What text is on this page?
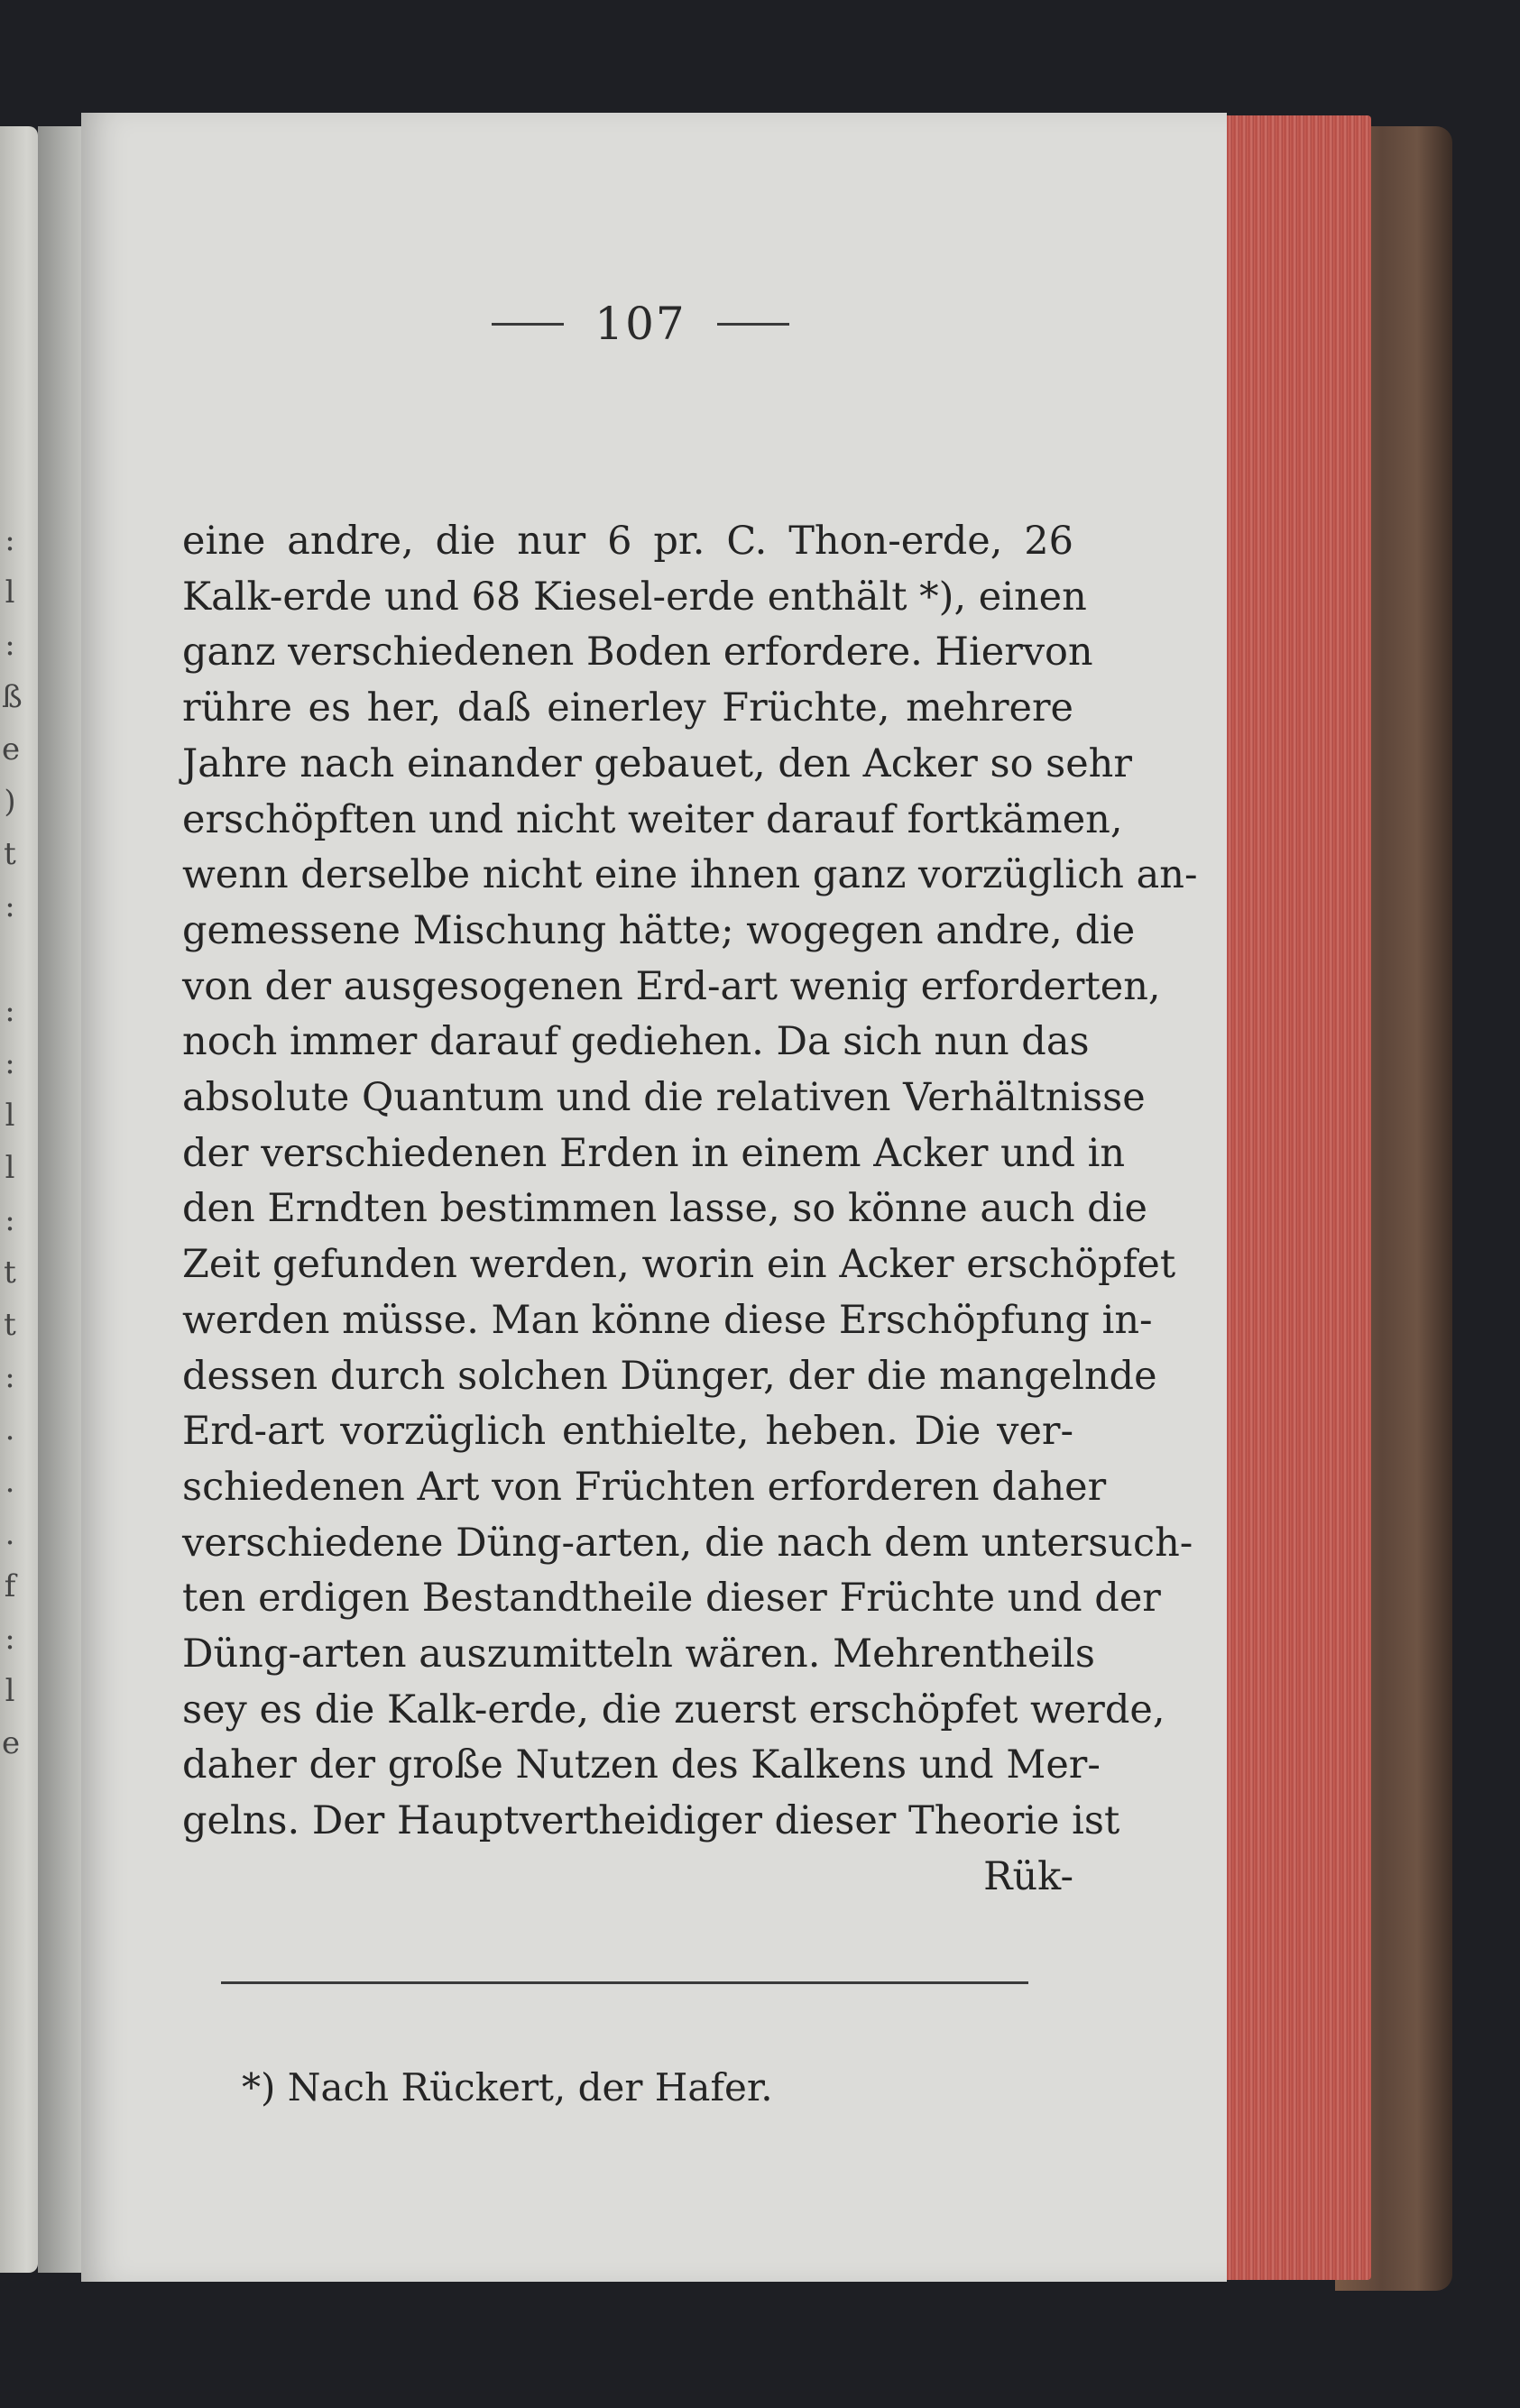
:
l
:
ß
e
)
t
:

:
:
l
l
:
t
t
:
.
.
.
f
:
l
e
107
eine andre, die nur 6 pr. C. Thon-erde, 26
Kalk-erde und 68 Kiesel-erde enthält *), einen
ganz verschiedenen Boden erfordere. Hiervon
rühre es her, daß einerley Früchte, mehrere
Jahre nach einander gebauet, den Acker so sehr
erschöpften und nicht weiter darauf fortkämen,
wenn derselbe nicht eine ihnen ganz vorzüglich an-
gemessene Mischung hätte; wogegen andre, die
von der ausgesogenen Erd-art wenig erforderten,
noch immer darauf gediehen. Da sich nun das
absolute Quantum und die relativen Verhältnisse
der verschiedenen Erden in einem Acker und in
den Erndten bestimmen lasse, so könne auch die
Zeit gefunden werden, worin ein Acker erschöpfet
werden müsse. Man könne diese Erschöpfung in-
dessen durch solchen Dünger, der die mangelnde
Erd-art vorzüglich enthielte, heben. Die ver-
schiedenen Art von Früchten erforderen daher
verschiedene Düng-arten, die nach dem untersuch-
ten erdigen Bestandtheile dieser Früchte und der
Düng-arten auszumitteln wären. Mehrentheils
sey es die Kalk-erde, die zuerst erschöpfet werde,
daher der große Nutzen des Kalkens und Mer-
gelns. Der Hauptvertheidiger dieser Theorie ist
Rük-
*) Nach Rückert, der Hafer.
